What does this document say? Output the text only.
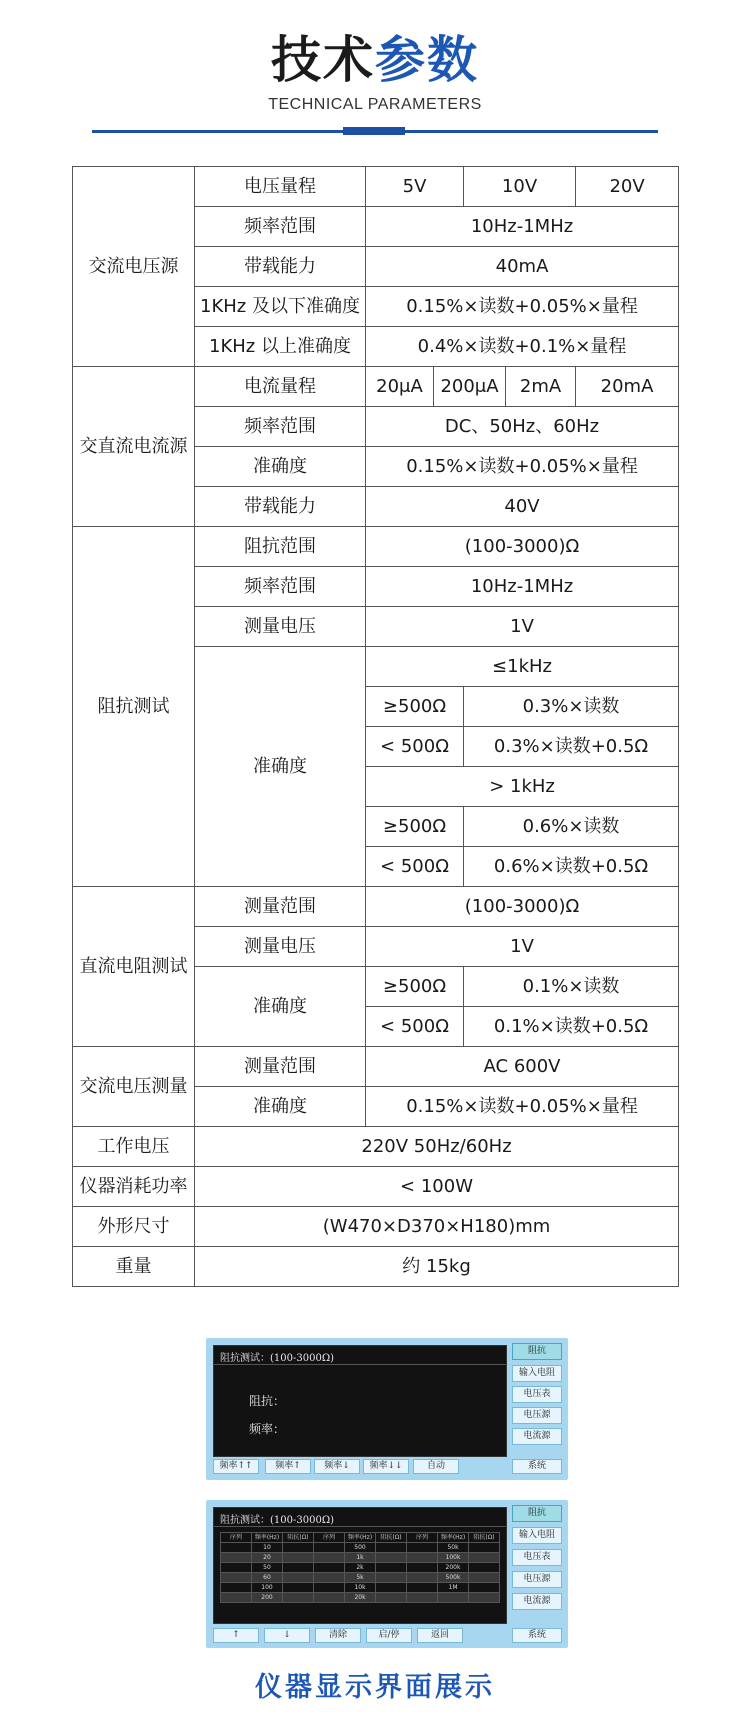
技术参数
TECHNICAL PARAMETERS
交流电压源	电压量程	5V		10V		20V
	频率范围	10Hz-1MHz				
	带载能力	40mA				
	1KHz 及以下准确度	0.15%×读数+0.05%×量程				
	1KHz 以上准确度	0.4%×读数+0.1%×量程				
交直流电流源	电流量程	20μA	200μA		2mA	20mA
	频率范围	DC、50Hz、60Hz				
	准确度	0.15%×读数+0.05%×量程				
	带载能力	40V				
阻抗测试	阻抗范围	(100-3000)Ω				
	频率范围	10Hz-1MHz				
	测量电压	1V				
	准确度	≤1kHz				
		≥500Ω		0.3%×读数		
		< 500Ω		0.3%×读数+0.5Ω		
		> 1kHz				
		≥500Ω		0.6%×读数		
		< 500Ω		0.6%×读数+0.5Ω		
直流电阻测试	测量范围	(100-3000)Ω				
	测量电压	1V				
	准确度	≥500Ω		0.1%×读数		
		< 500Ω		0.1%×读数+0.5Ω		
交流电压测量	测量范围	AC 600V				
	准确度	0.15%×读数+0.05%×量程				
工作电压	220V 50Hz/60Hz					
仪器消耗功率	< 100W					
外形尺寸	(W470×D370×H180)mm					
重量	约 15kg					
阻抗测试：(100-3000Ω)
阻抗：
频率：
阻抗
输入电阻
电压表
电压源
电流源
频率↑↑	频率↑	频率↓	频率↓↓	自动	系统
阻抗测试：(100-3000Ω)
序列	频率(Hz)	阻抗(Ω)	序列	频率(Hz)	阻抗(Ω)	序列	频率(Hz)	阻抗(Ω)
	10			500			50k	
	20			1k			100k	
	50			2k			200k	
	60			5k			500k	
	100			10k			1M	
	200			20k				
阻抗
输入电阻
电压表
电压源
电流源
↑	↓	清除	启/停	返回	系统
仪器显示界面展示
